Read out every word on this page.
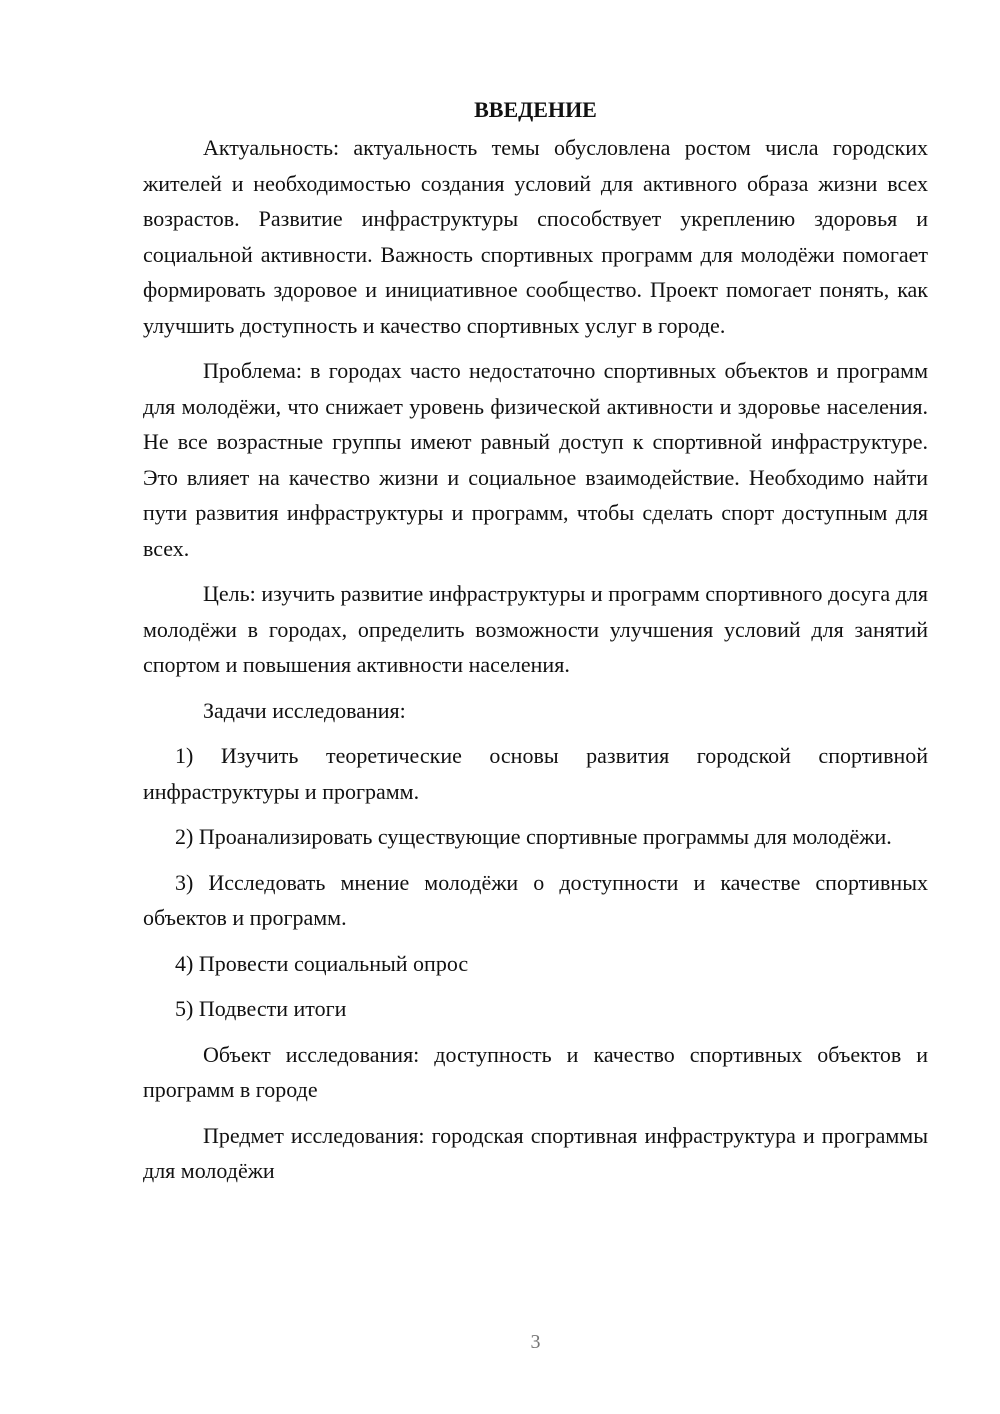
ВВЕДЕНИЕ

Актуальность: актуальность темы обусловлена ростом числа городских жителей и необходимостью создания условий для активного образа жизни всех возрастов. Развитие инфраструктуры способствует укреплению здоровья и социальной активности. Важность спортивных программ для молодёжи помогает формировать здоровое и инициативное сообщество. Проект помогает понять, как улучшить доступность и качество спортивных услуг в городе.

Проблема: в городах часто недостаточно спортивных объектов и программ для молодёжи, что снижает уровень физической активности и здоровье населения. Не все возрастные группы имеют равный доступ к спортивной инфраструктуре. Это влияет на качество жизни и социальное взаимодействие. Необходимо найти пути развития инфраструктуры и программ, чтобы сделать спорт доступным для всех.

Цель: изучить развитие инфраструктуры и программ спортивного досуга для молодёжи в городах, определить возможности улучшения условий для занятий спортом и повышения активности населения.

Задачи исследования:

1) Изучить теоретические основы развития городской спортивной инфраструктуры и программ.

2) Проанализировать существующие спортивные программы для молодёжи.

3) Исследовать мнение молодёжи о доступности и качестве спортивных объектов и программ.

4) Провести социальный опрос

5) Подвести итоги

Объект исследования: доступность и качество спортивных объектов и программ в городе

Предмет исследования: городская спортивная инфраструктура и программы для молодёжи

3
